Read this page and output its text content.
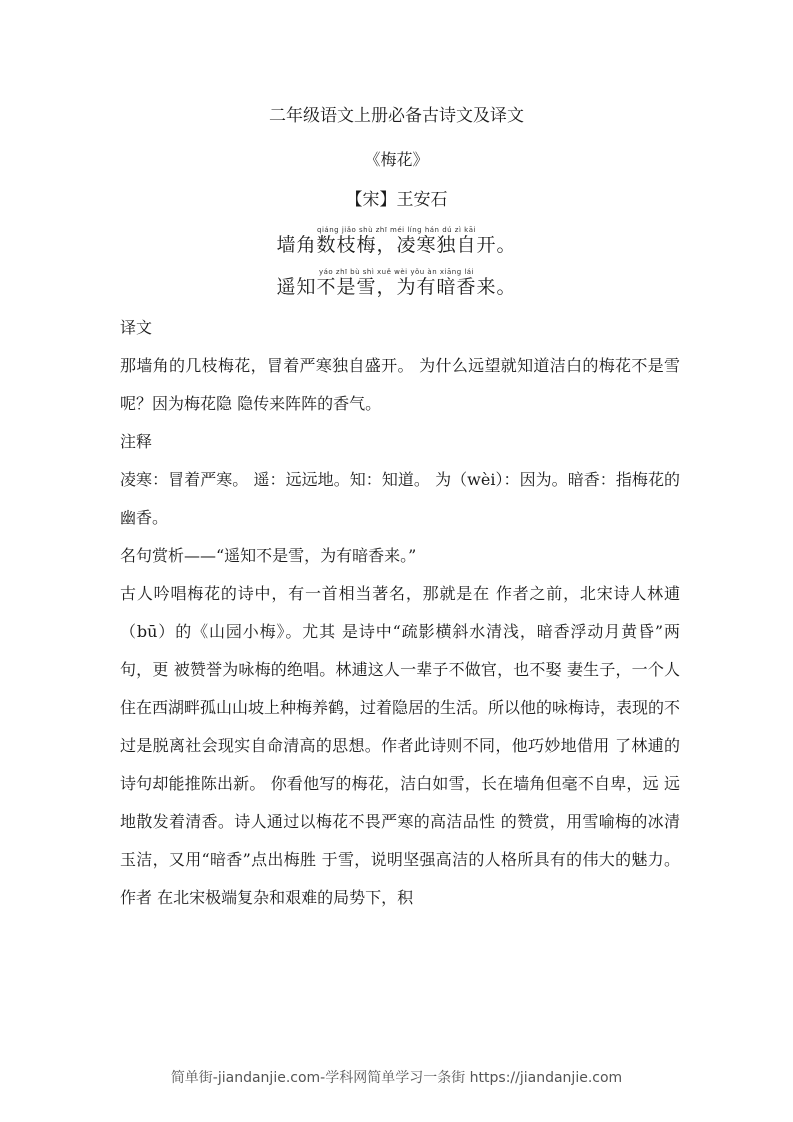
二年级语文上册必备古诗文及译文
《梅花》
【宋】王安石
qiáng jiǎo shù zhī méi líng hán dú zì kāi
墙角数枝梅，凌寒独自开。
yáo zhī bù shì xuě wèi yǒu àn xiāng lái
遥知不是雪，为有暗香来。

译文

那墙角的几枝梅花，冒着严寒独自盛开。 为什么远望就知道洁白的梅花不是雪呢？因为梅花隐 隐传来阵阵的香气。

注释

凌寒：冒着严寒。 遥：远远地。知：知道。 为（wèi）：因为。暗香：指梅花的幽香。

名句赏析——“遥知不是雪，为有暗香来。”

古人吟唱梅花的诗中，有一首相当著名，那就是在 作者之前，北宋诗人林逋（bū）的《山园小梅》。尤其 是诗中“疏影横斜水清浅，暗香浮动月黄昏”两句，更 被赞誉为咏梅的绝唱。林逋这人一辈子不做官，也不娶 妻生子，一个人住在西湖畔孤山山坡上种梅养鹤，过着隐居的生活。所以他的咏梅诗，表现的不过是脱离社会现实自命清高的思想。作者此诗则不同，他巧妙地借用 了林逋的诗句却能推陈出新。 你看他写的梅花，洁白如雪，长在墙角但毫不自卑，远 远地散发着清香。诗人通过以梅花不畏严寒的高洁品性 的赞赏，用雪喻梅的冰清玉洁，又用“暗香”点出梅胜 于雪，说明坚强高洁的人格所具有的伟大的魅力。作者 在北宋极端复杂和艰难的局势下，积

简单街-jiandanjie.com-学科网简单学习一条街 https://jiandanjie.com
